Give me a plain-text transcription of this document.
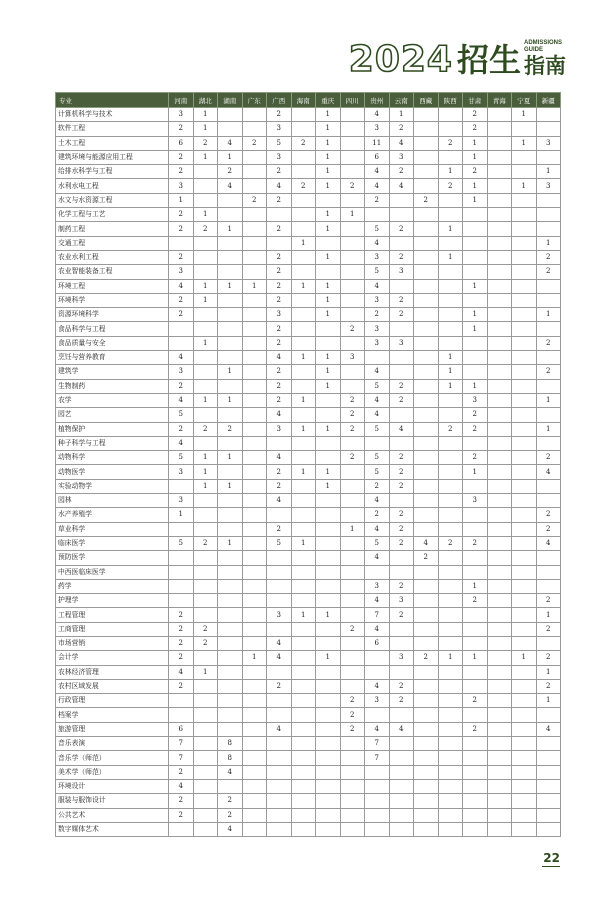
2024 招生 ADMISSIONS
GUIDE
指南
专业	河南	湖北	湖南	广东	广西	海南	重庆	四川	贵州	云南	西藏	陕西	甘肃	青海	宁夏	新疆
计算机科学与技术	3	1			2		1		4	1			2		1	
软件工程	2	1			3		1		3	2			2			
土木工程	6	2	4	2	5	2	1		11	4		2	1		1	3
建筑环境与能源应用工程	2	1	1		3		1		6	3			1			
给排水科学与工程	2		2		2		1		4	2		1	2			1
水利水电工程	3		4		4	2	1	2	4	4		2	1		1	3
水文与水资源工程	1			2	2				2		2		1			
化学工程与工艺	2	1					1	1								
制药工程	2	2	1		2		1		5	2		1				
交通工程						1			4							1
农业水利工程	2				2		1		3	2		1				2
农业智能装备工程	3				2				5	3						2
环境工程	4	1	1	1	2	1	1		4				1			
环境科学	2	1			2		1		3	2						
资源环境科学	2				3		1		2	2			1			1
食品科学与工程					2			2	3				1			
食品质量与安全		1			2				3	3						2
烹饪与营养教育	4				4	1	1	3				1				
建筑学	3		1		2		1		4			1				2
生物制药	2				2		1		5	2		1	1			
农学	4	1	1		2	1		2	4	2			3			1
园艺	5				4			2	4				2			
植物保护	2	2	2		3	1	1	2	5	4		2	2			1
种子科学与工程	4															
动物科学	5	1	1		4			2	5	2			2			2
动物医学	3	1			2	1	1		5	2			1			4
实验动物学		1	1		2		1		2	2						
园林	3				4				4				3			
水产养殖学	1								2	2						2
草业科学					2			1	4	2						2
临床医学	5	2	1		5	1			5	2	4	2	2			4
预防医学									4		2					
中西医临床医学																
药学									3	2			1			
护理学									4	3			2			2
工程管理	2				3	1	1		7	2						1
工商管理	2	2						2	4							2
市场营销	2	2			4				6							
会计学	2			1	4		1			3	2	1	1		1	2
农林经济管理	4	1														1
农村区域发展	2				2				4	2						2
行政管理								2	3	2			2			1
档案学								2								
旅游管理	6				4			2	4	4			2			4
音乐表演	7		8						7							
音乐学（师范）	7		8						7							
美术学（师范）	2		4													
环境设计	4															
服装与服饰设计	2		2													
公共艺术	2		2													
数字媒体艺术			4													
22
